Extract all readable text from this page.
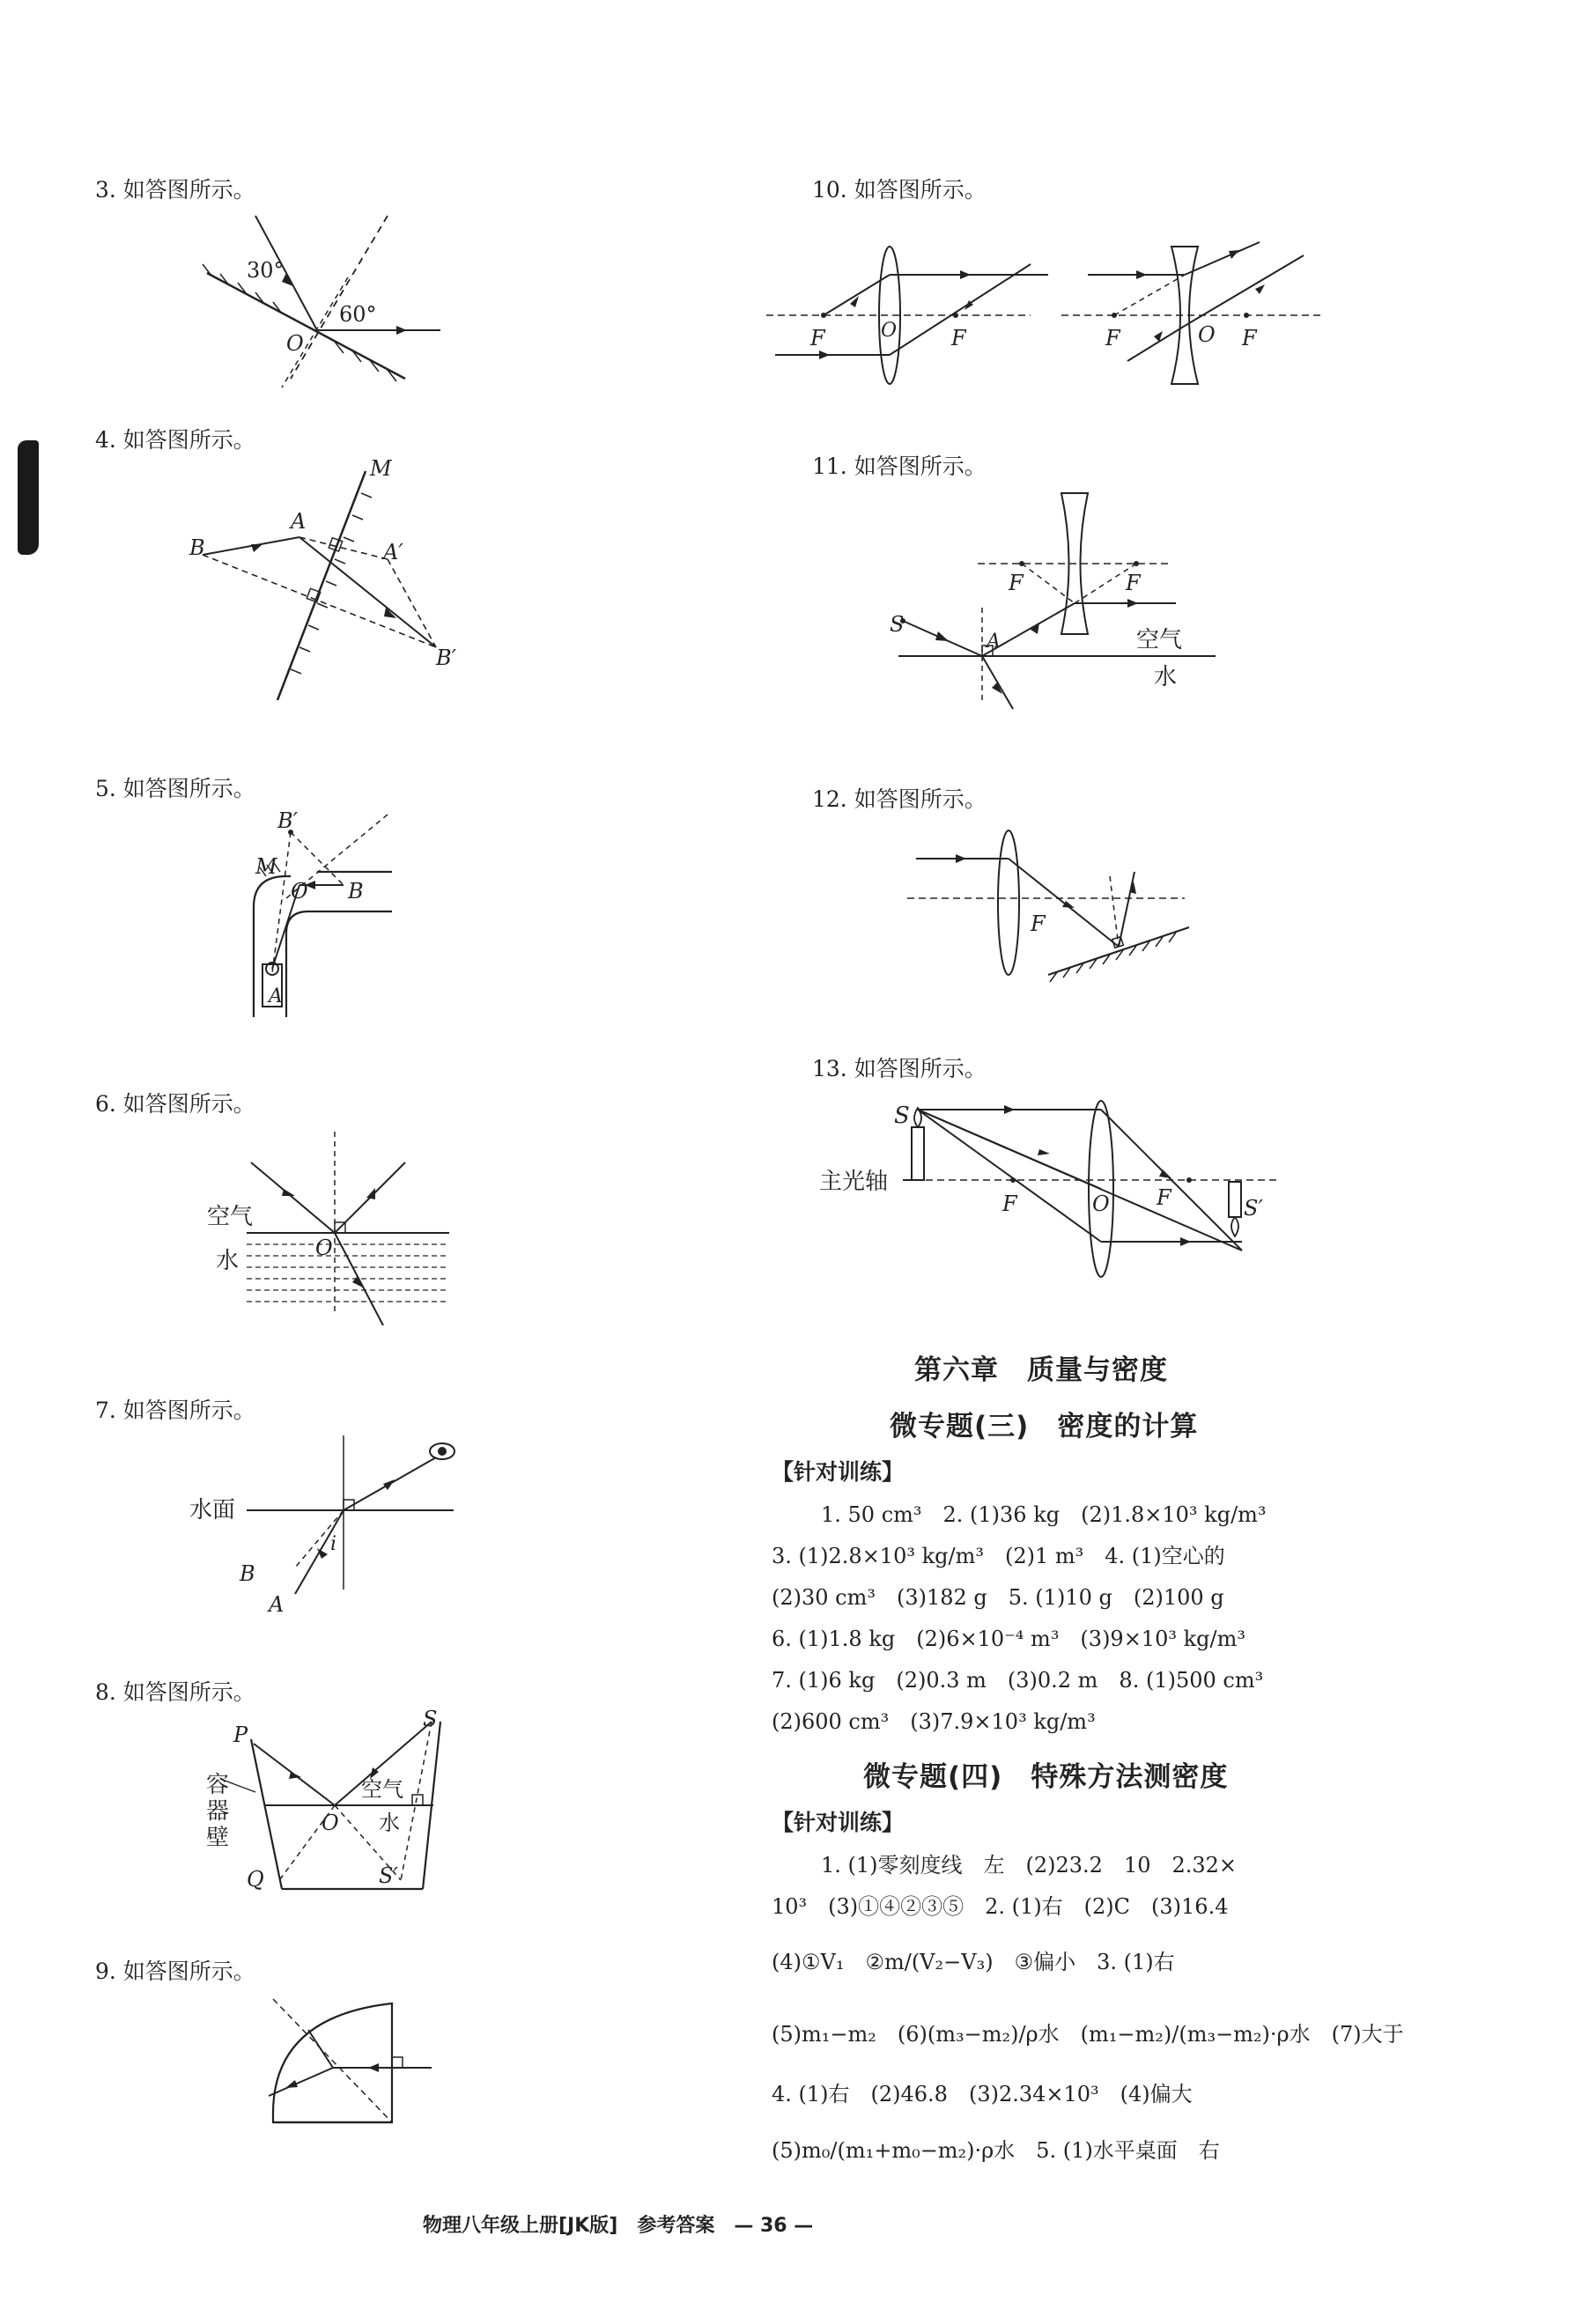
3. 如答图所示。
30°
60°
O
4. 如答图所示。
M
A
B	A′
B′
5. 如答图所示。
B′
M
O B
A
6. 如答图所示。
空气
水	O
7. 如答图所示。
水面
i
B
A
8. 如答图所示。
P
Q
O
S
S′
空气
水
容器壁
9. 如答图所示。
10. 如答图所示。
F	O	F	F	O F
11. 如答图所示。
S
A
F	F
空气
水
12. 如答图所示。
F
13. 如答图所示。
S
主光轴
F	O F	S′
第六章　质量与密度
微专题(三)　密度的计算
【针对训练】
1. 50 cm³　2. (1)36 kg　(2)1.8×10³ kg/m³
3. (1)2.8×10³ kg/m³　(2)1 m³　4. (1)空心的
(2)30 cm³　(3)182 g　5. (1)10 g　(2)100 g
6. (1)1.8 kg　(2)6×10⁻⁴ m³　(3)9×10³ kg/m³
7. (1)6 kg　(2)0.3 m　(3)0.2 m　8. (1)500 cm³
(2)600 cm³　(3)7.9×10³ kg/m³
微专题(四)　特殊方法测密度
【针对训练】
1. (1)零刻度线　左　(2)23.2　10　2.32×
10³　(3)①④②③⑤　2. (1)右　(2)C　(3)16.4
(4)①V₁　②m/(V₂−V₃)　③偏小　3. (1)右
(5)m₁−m₂　(6)(m₃−m₂)/ρ水　(m₁−m₂)/(m₃−m₂)·ρ水　(7)大于
4. (1)右　(2)46.8　(3)2.34×10³　(4)偏大
(5)m₀/(m₁+m₀−m₂)·ρ水　5. (1)水平桌面　右
物理八年级上册[JK版]　参考答案　— 36 —
